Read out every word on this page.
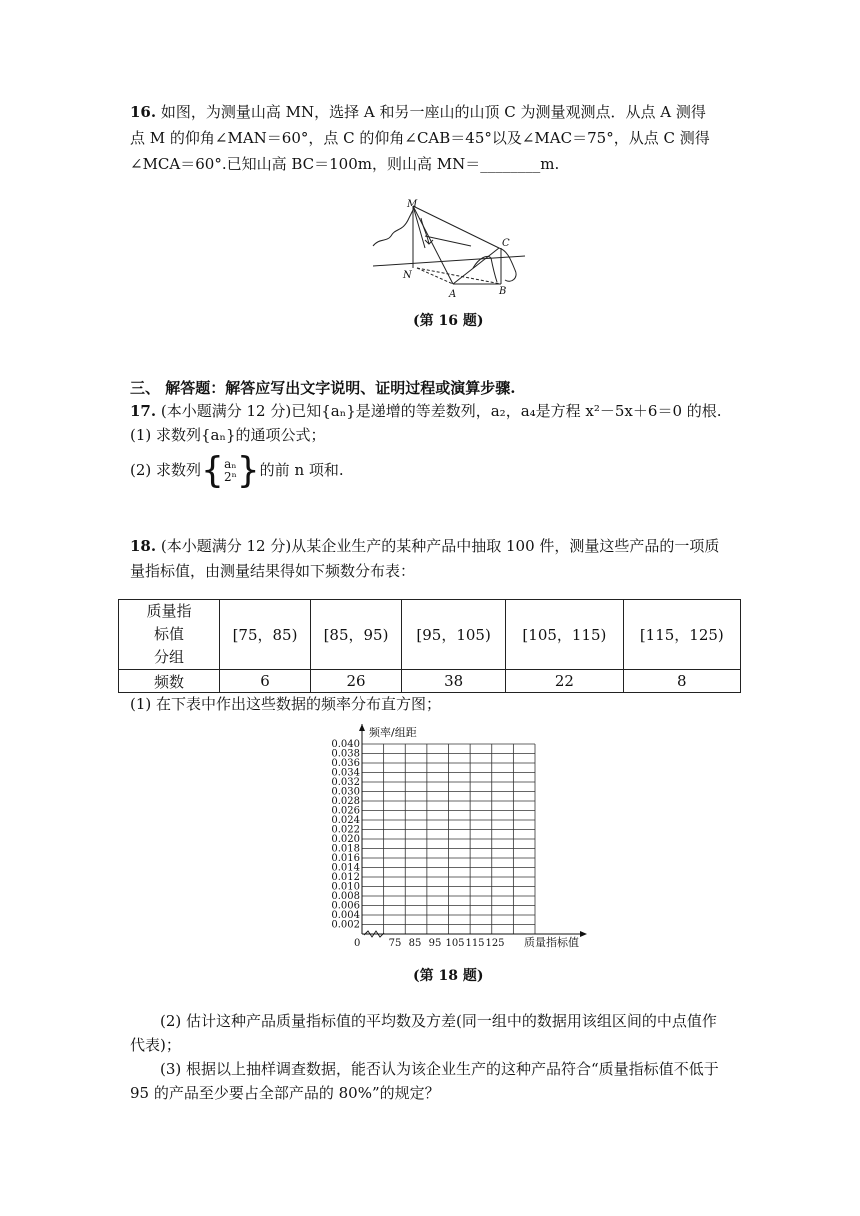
16. 如图，为测量山高 MN，选择 A 和另一座山的山顶 C 为测量观测点．从点 A 测得
点 M 的仰角∠MAN＝60°，点 C 的仰角∠CAB＝45°以及∠MAC＝75°，从点 C 测得
∠MCA＝60°.已知山高 BC＝100m，则山高 MN＝________m.
M
C
N
A	B
(第 16 题)
三、 解答题：解答应写出文字说明、证明过程或演算步骤.
17. (本小题满分 12 分)已知{aₙ}是递增的等差数列，a₂，a₄是方程 x²－5x＋6＝0 的根.
(1) 求数列{aₙ}的通项公式；
(2) 求数列{ aₙ
2ⁿ }的前 n 项和.
18. (本小题满分 12 分)从某企业生产的某种产品中抽取 100 件，测量这些产品的一项质
量指标值，由测量结果得如下频数分布表：
质量指
标值
分组	[75，85)	[85，95)	[95，105)	[105，115)	[115，125)
频数	6	26	38	22	8
(1) 在下表中作出这些数据的频率分布直方图；
0.002
0.004
0.006
0.008
0.010
0.012
0.014
0.016
0.018
0.020
0.022
0.024
0.026
0.028
0.030
0.032
0.034
0.036
0.038
0.040
0	75 85 95 105 115 125 质量指标值
频率/组距
(第 18 题)
(2) 估计这种产品质量指标值的平均数及方差(同一组中的数据用该组区间的中点值作
代表)；
(3) 根据以上抽样调查数据，能否认为该企业生产的这种产品符合“质量指标值不低于
95 的产品至少要占全部产品的 80%”的规定？
